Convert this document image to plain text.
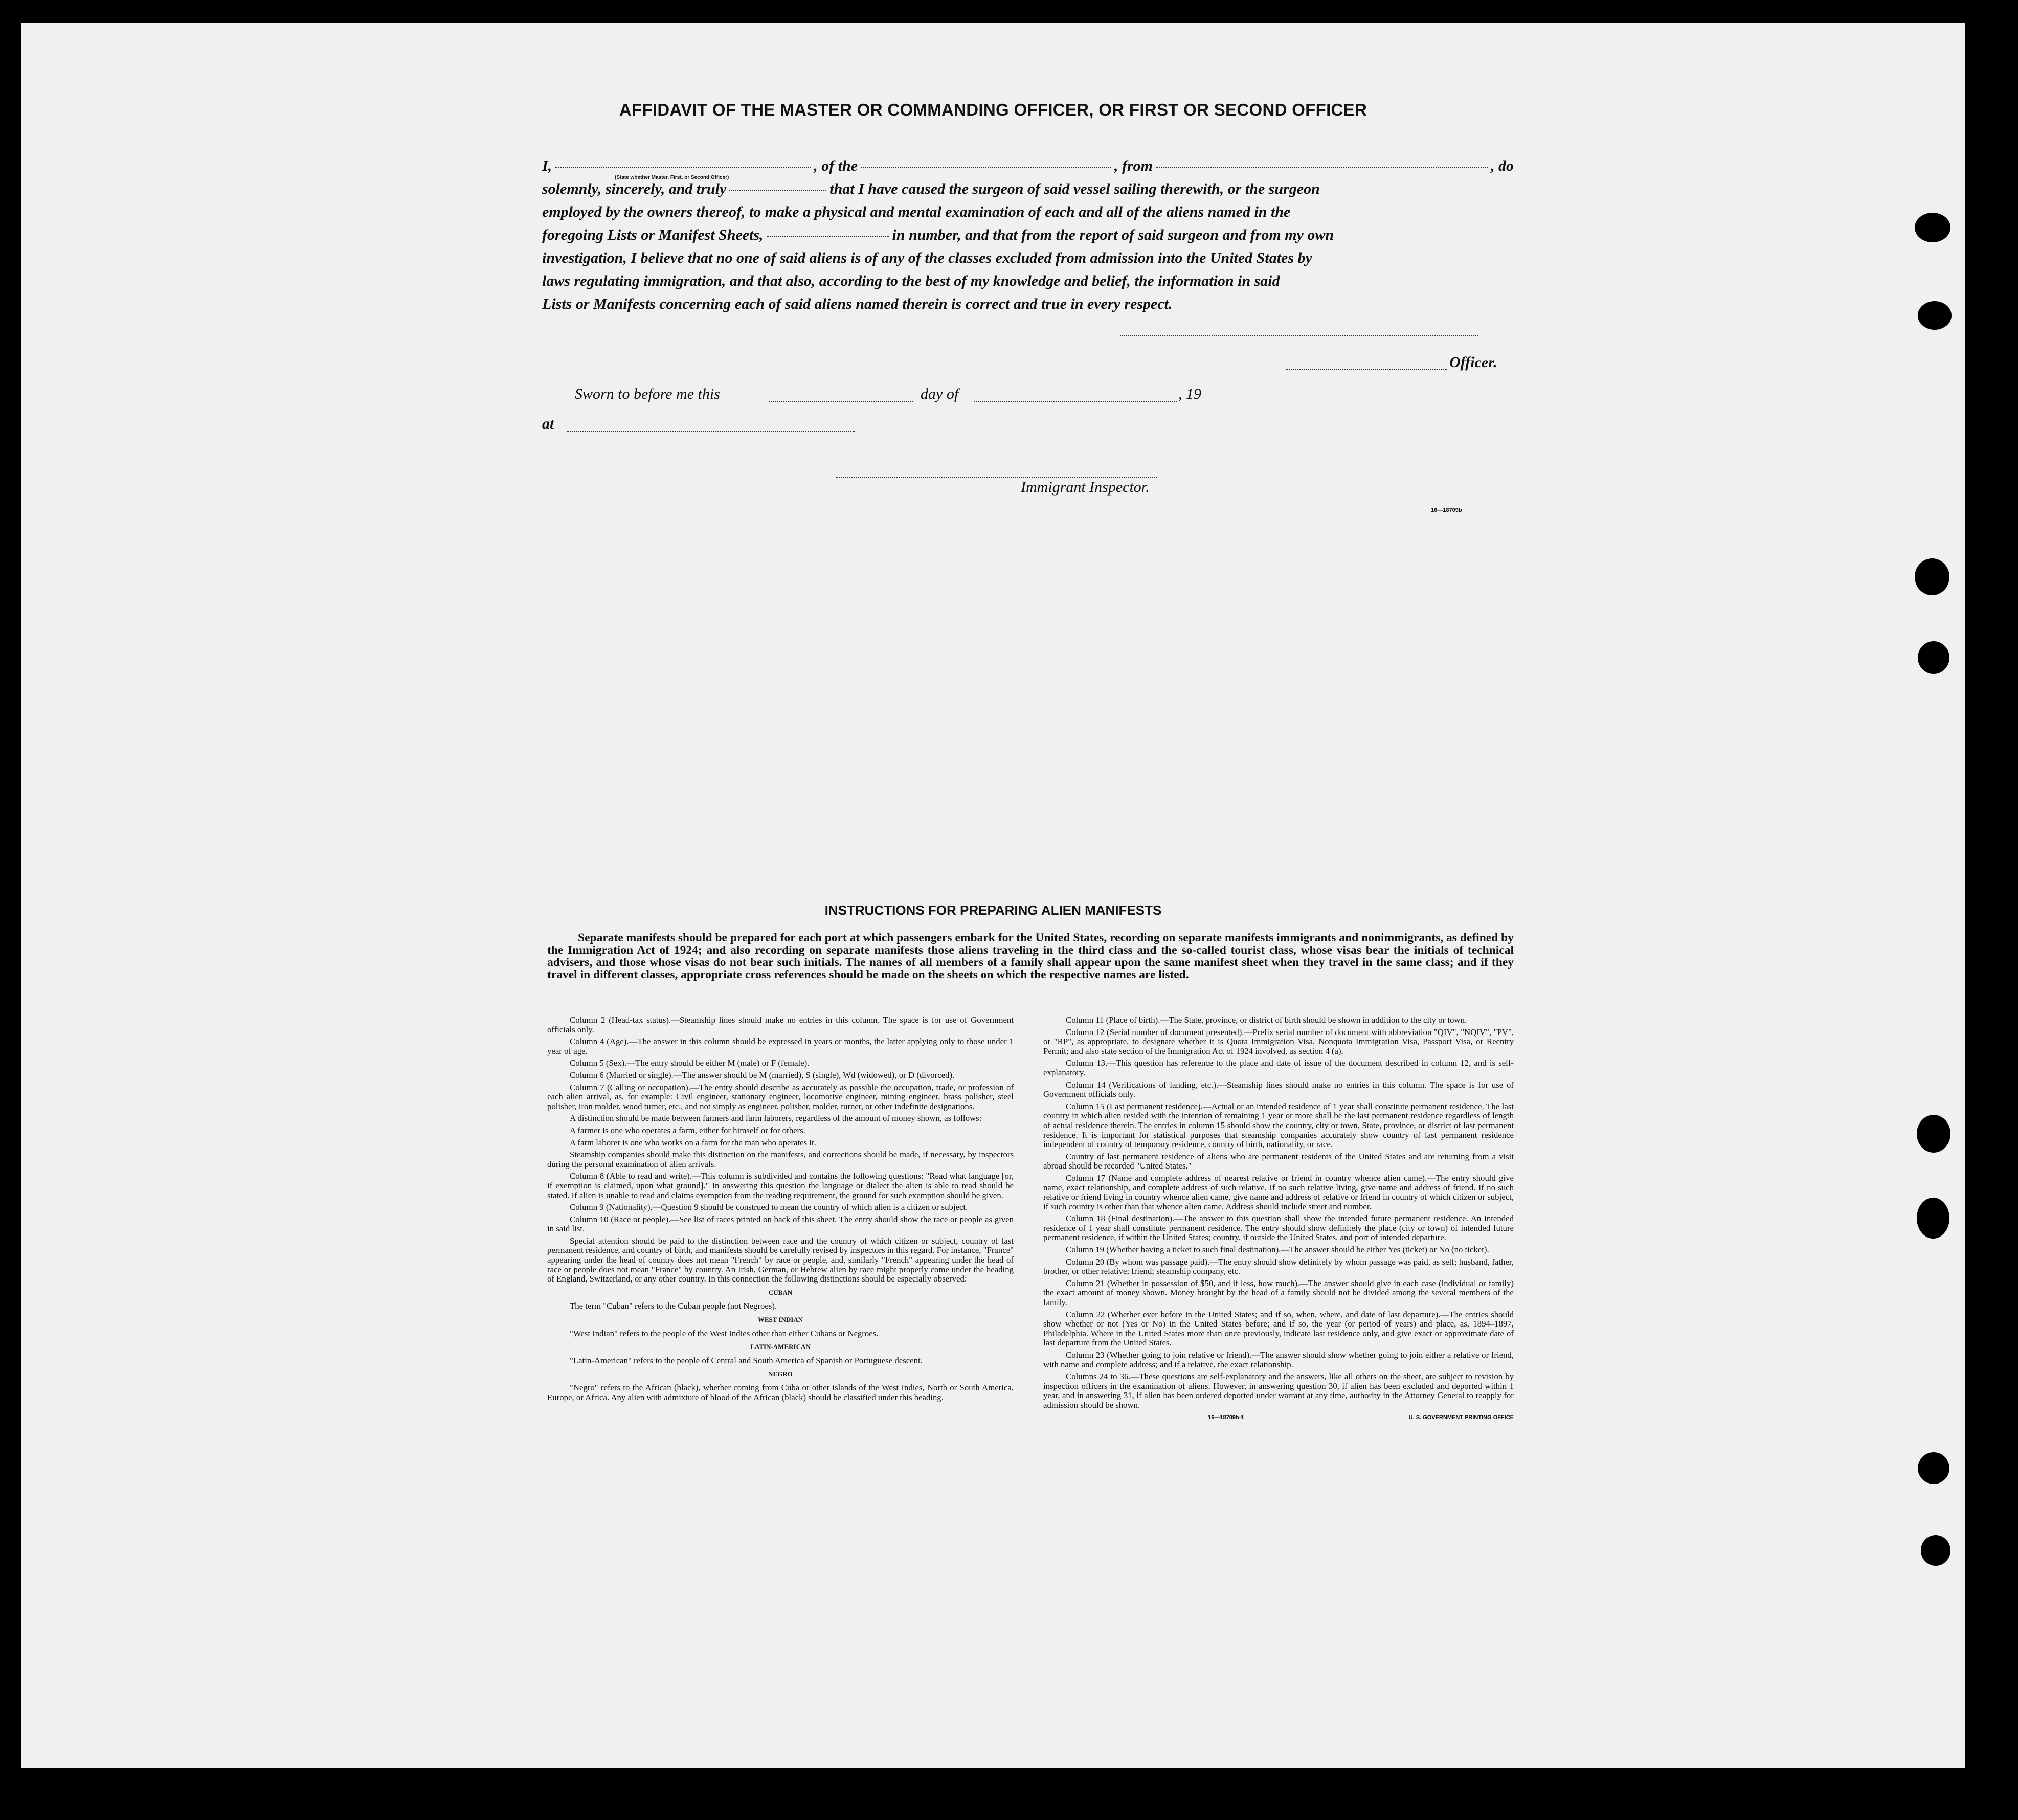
AFFIDAVIT OF THE MASTER OR COMMANDING OFFICER, OR FIRST OR SECOND OFFICER
I,	, of the	, from	, do
solemnly, sincerely, and truly	that I have caused the surgeon of said vessel sailing therewith, or the surgeon
employed by the owners thereof, to make a physical and mental examination of each and all of the aliens named in the
foregoing Lists or Manifest Sheets,	in number, and that from the report of said surgeon and from my own
investigation, I believe that no one of said aliens is of any of the classes excluded from admission into the United States by
laws regulating immigration, and that also, according to the best of my knowledge and belief, the information in said
Lists or Manifests concerning each of said aliens named therein is correct and true in every respect.
(State whether Master, First, or Second Officer)
Officer.
Sworn to before me this	day of	, 19
at
Immigrant Inspector.
16—18709b
INSTRUCTIONS FOR PREPARING ALIEN MANIFESTS
Separate manifests should be prepared for each port at which passengers embark for the United States, recording on separate manifests immigrants and nonimmigrants, as defined by the Immigration Act of 1924; and also recording on separate manifests those aliens traveling in the third class and the so-called tourist class, whose visas bear the initials of technical advisers, and those whose visas do not bear such initials. The names of all members of a family shall appear upon the same manifest sheet when they travel in the same class; and if they travel in different classes, appropriate cross references should be made on the sheets on which the respective names are listed.

Column 2 (Head-tax status).—Steamship lines should make no entries in this column. The space is for use of Government officials only.

Column 4 (Age).—The answer in this column should be expressed in years or months, the latter applying only to those under 1 year of age.

Column 5 (Sex).—The entry should be either M (male) or F (female).

Column 6 (Married or single).—The answer should be M (married), S (single), Wd (widowed), or D (divorced).

Column 7 (Calling or occupation).—The entry should describe as accurately as possible the occupation, trade, or profession of each alien arrival, as, for example: Civil engineer, stationary engineer, locomotive engineer, mining engineer, brass polisher, steel polisher, iron molder, wood turner, etc., and not simply as engineer, polisher, molder, turner, or other indefinite designations.

A distinction should be made between farmers and farm laborers, regardless of the amount of money shown, as follows:

A farmer is one who operates a farm, either for himself or for others.

A farm laborer is one who works on a farm for the man who operates it.

Steamship companies should make this distinction on the manifests, and corrections should be made, if necessary, by inspectors during the personal examination of alien arrivals.

Column 8 (Able to read and write).—This column is subdivided and contains the following questions: "Read what language [or, if exemption is claimed, upon what ground]." In answering this question the language or dialect the alien is able to read should be stated. If alien is unable to read and claims exemption from the reading requirement, the ground for such exemption should be given.

Column 9 (Nationality).—Question 9 should be construed to mean the country of which alien is a citizen or subject.

Column 10 (Race or people).—See list of races printed on back of this sheet. The entry should show the race or people as given in said list.

Special attention should be paid to the distinction between race and the country of which citizen or subject, country of last permanent residence, and country of birth, and manifests should be carefully revised by inspectors in this regard. For instance, "France" appearing under the head of country does not mean "French" by race or people, and, similarly "French" appearing under the head of race or people does not mean "France" by country. An Irish, German, or Hebrew alien by race might properly come under the heading of England, Switzerland, or any other country. In this connection the following distinctions should be especially observed:

CUBAN

The term "Cuban" refers to the Cuban people (not Negroes).

WEST INDIAN

"West Indian" refers to the people of the West Indies other than either Cubans or Negroes.

LATIN-AMERICAN

"Latin-American" refers to the people of Central and South America of Spanish or Portuguese descent.

NEGRO

"Negro" refers to the African (black), whether coming from Cuba or other islands of the West Indies, North or South America, Europe, or Africa. Any alien with admixture of blood of the African (black) should be classified under this heading.

Column 11 (Place of birth).—The State, province, or district of birth should be shown in addition to the city or town.

Column 12 (Serial number of document presented).—Prefix serial number of document with abbreviation "QIV", "NQIV", "PV", or "RP", as appropriate, to designate whether it is Quota Immigration Visa, Nonquota Immigration Visa, Passport Visa, or Reentry Permit; and also state section of the Immigration Act of 1924 involved, as section 4 (a).

Column 13.—This question has reference to the place and date of issue of the document described in column 12, and is self-explanatory.

Column 14 (Verifications of landing, etc.).—Steamship lines should make no entries in this column. The space is for use of Government officials only.

Column 15 (Last permanent residence).—Actual or an intended residence of 1 year shall constitute permanent residence. The last country in which alien resided with the intention of remaining 1 year or more shall be the last permanent residence regardless of length of actual residence therein. The entries in column 15 should show the country, city or town, State, province, or district of last permanent residence. It is important for statistical purposes that steamship companies accurately show country of last permanent residence independent of country of temporary residence, country of birth, nationality, or race.

Country of last permanent residence of aliens who are permanent residents of the United States and are returning from a visit abroad should be recorded "United States."

Column 17 (Name and complete address of nearest relative or friend in country whence alien came).—The entry should give name, exact relationship, and complete address of such relative. If no such relative living, give name and address of friend. If no such relative or friend living in country whence alien came, give name and address of relative or friend in country of which citizen or subject, if such country is other than that whence alien came. Address should include street and number.

Column 18 (Final destination).—The answer to this question shall show the intended future permanent residence. An intended residence of 1 year shall constitute permanent residence. The entry should show definitely the place (city or town) of intended future permanent residence, if within the United States; country, if outside the United States, and port of intended departure.

Column 19 (Whether having a ticket to such final destination).—The answer should be either Yes (ticket) or No (no ticket).

Column 20 (By whom was passage paid).—The entry should show definitely by whom passage was paid, as self; husband, father, brother, or other relative; friend; steamship company, etc.

Column 21 (Whether in possession of $50, and if less, how much).—The answer should give in each case (individual or family) the exact amount of money shown. Money brought by the head of a family should not be divided among the several members of the family.

Column 22 (Whether ever before in the United States; and if so, when, where, and date of last departure).—The entries should show whether or not (Yes or No) in the United States before; and if so, the year (or period of years) and place, as, 1894–1897, Philadelphia. Where in the United States more than once previously, indicate last residence only, and give exact or approximate date of last departure from the United States.

Column 23 (Whether going to join relative or friend).—The answer should show whether going to join either a relative or friend, with name and complete address; and if a relative, the exact relationship.

Columns 24 to 36.—These questions are self-explanatory and the answers, like all others on the sheet, are subject to revision by inspection officers in the examination of aliens. However, in answering question 30, if alien has been excluded and deported within 1 year, and in answering 31, if alien has been ordered deported under warrant at any time, authority in the Attorney General to reapply for admission should be shown.

16—18709b-1	U. S. GOVERNMENT PRINTING OFFICE
